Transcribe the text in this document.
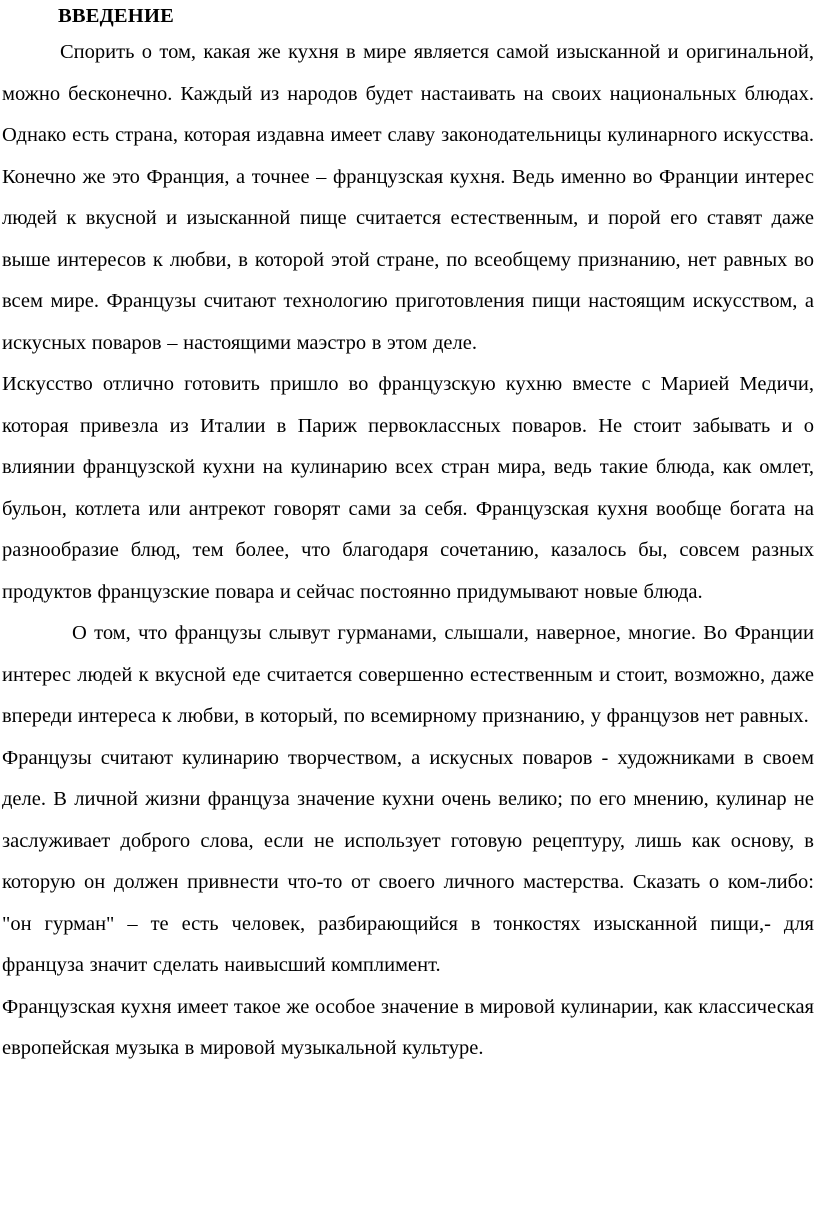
ВВЕДЕНИЕ

Спорить о том, какая же кухня в мире является самой изысканной и оригинальной, можно бесконечно. Каждый из народов будет настаивать на своих национальных блюдах. Однако есть страна, которая издавна имеет славу законодательницы кулинарного искусства. Конечно же это Франция, а точнее – французская кухня. Ведь именно во Франции интерес людей к вкусной и изысканной пище считается естественным, и порой его ставят даже выше интересов к любви, в которой этой стране, по всеобщему признанию, нет равных во всем мире. Французы считают технологию приготовления пищи настоящим искусством, а искусных поваров – настоящими маэстро в этом деле.

Искусство отлично готовить пришло во французскую кухню вместе с Марией Медичи, которая привезла из Италии в Париж первоклассных поваров. Не стоит забывать и о влиянии французской кухни на кулинарию всех стран мира, ведь такие блюда, как омлет, бульон, котлета или антрекот говорят сами за себя. Французская кухня вообще богата на разнообразие блюд, тем более, что благодаря сочетанию, казалось бы, совсем разных продуктов французские повара и сейчас постоянно придумывают новые блюда.

О том, что французы слывут гурманами, слышали, наверное, многие. Во Франции интерес людей к вкусной еде считается совершенно естественным и стоит, возможно, даже впереди интереса к любви, в который, по всемирному признанию, у французов нет равных.

Французы считают кулинарию творчеством, а искусных поваров - художниками в своем деле. В личной жизни француза значение кухни очень велико; по его мнению, кулинар не заслуживает доброго слова, если не использует готовую рецептуру, лишь как основу, в которую он должен привнести что-то от своего личного мастерства. Сказать о ком-либо: "он гурман" – те есть человек, разбирающийся в тонкостях изысканной пищи,- для француза значит сделать наивысший комплимент.

Французская кухня имеет такое же особое значение в мировой кулинарии, как классическая европейская музыка в мировой музыкальной культуре.
